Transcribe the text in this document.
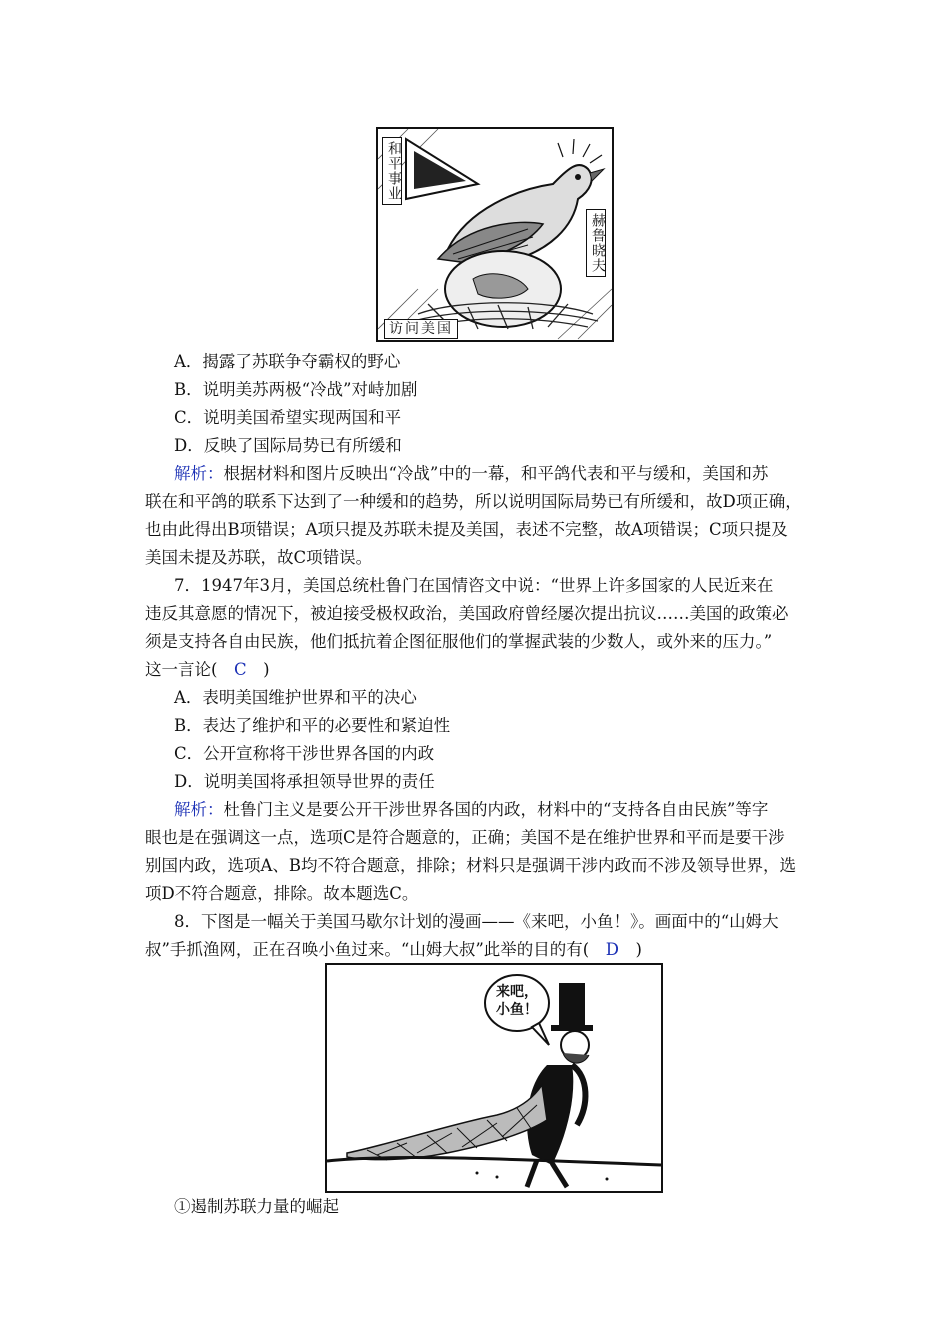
和平事业
赫鲁晓夫
访问美国
A．揭露了苏联争夺霸权的野心
B．说明美苏两极“冷战”对峙加剧
C．说明美国希望实现两国和平
D．反映了国际局势已有所缓和
解析：根据材料和图片反映出“冷战”中的一幕，和平鸽代表和平与缓和，美国和苏
联在和平鸽的联系下达到了一种缓和的趋势，所以说明国际局势已有所缓和，故D项正确，
也由此得出B项错误；A项只提及苏联未提及美国，表述不完整，故A项错误；C项只提及
美国未提及苏联，故C项错误。
7．1947年3月，美国总统杜鲁门在国情咨文中说：“世界上许多国家的人民近来在
违反其意愿的情况下，被迫接受极权政治，美国政府曾经屡次提出抗议……美国的政策必
须是支持各自由民族，他们抵抗着企图征服他们的掌握武装的少数人，或外来的压力。”
这一言论(　C　)
A．表明美国维护世界和平的决心
B．表达了维护和平的必要性和紧迫性
C．公开宣称将干涉世界各国的内政
D．说明美国将承担领导世界的责任
解析：杜鲁门主义是要公开干涉世界各国的内政，材料中的“支持各自由民族”等字
眼也是在强调这一点，选项C是符合题意的，正确；美国不是在维护世界和平而是要干涉
别国内政，选项A、B均不符合题意，排除；材料只是强调干涉内政而不涉及领导世界，选
项D不符合题意，排除。故本题选C。
8．下图是一幅关于美国马歇尔计划的漫画——《来吧，小鱼！》。画面中的“山姆大
叔”手抓渔网，正在召唤小鱼过来。“山姆大叔”此举的目的有(　D　)
来吧，
小鱼！
①遏制苏联力量的崛起
